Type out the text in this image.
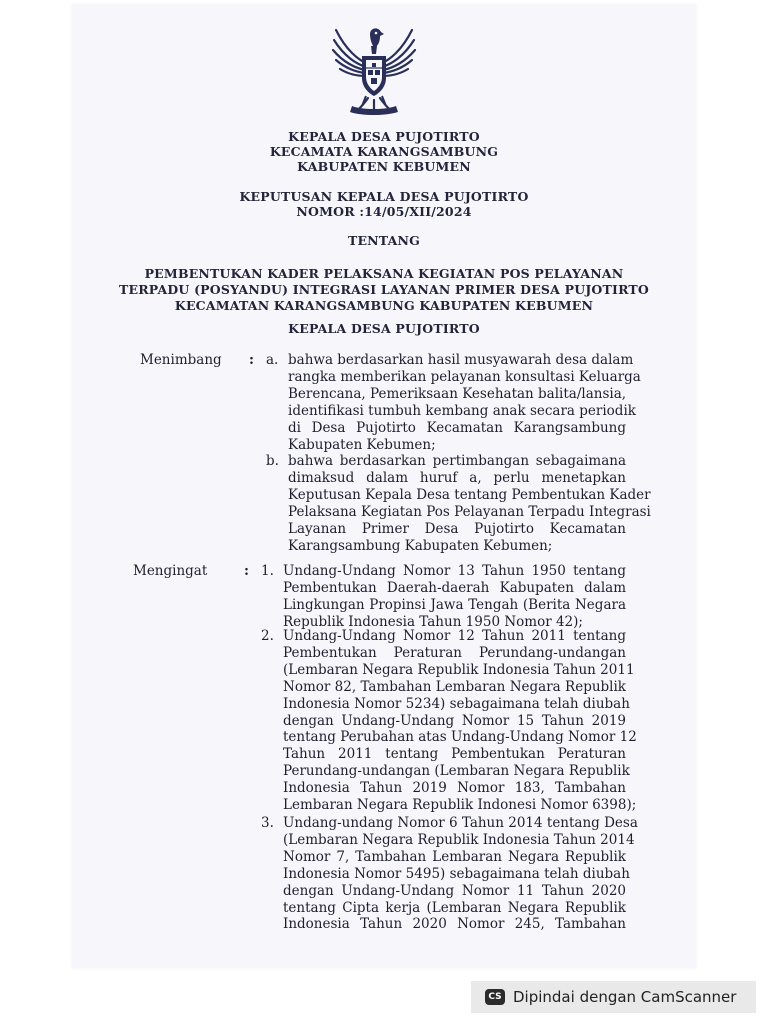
KEPALA DESA PUJOTIRTO
KECAMATA KARANGSAMBUNG
KABUPATEN KEBUMEN
KEPUTUSAN KEPALA DESA PUJOTIRTO
NOMOR :14/05/XII/2024
TENTANG
PEMBENTUKAN KADER PELAKSANA KEGIATAN POS PELAYANAN
TERPADU (POSYANDU) INTEGRASI LAYANAN PRIMER DESA PUJOTIRTO
KECAMATAN KARANGSAMBUNG KABUPATEN KEBUMEN
KEPALA DESA PUJOTIRTO
Menimbang : a. bahwa berdasarkan hasil musyawarah desa dalam
rangka memberikan pelayanan konsultasi Keluarga
Berencana, Pemeriksaan Kesehatan balita/lansia,
identifikasi tumbuh kembang anak secara periodik
di Desa Pujotirto Kecamatan Karangsambung
Kabupaten Kebumen;
b. bahwa berdasarkan pertimbangan sebagaimana
dimaksud dalam huruf a, perlu menetapkan
Keputusan Kepala Desa tentang Pembentukan Kader
Pelaksana Kegiatan Pos Pelayanan Terpadu Integrasi
Layanan Primer Desa Pujotirto Kecamatan
Karangsambung Kabupaten Kebumen;
Mengingat	: 1. Undang-Undang Nomor 13 Tahun 1950 tentang
Pembentukan Daerah-daerah Kabupaten dalam
Lingkungan Propinsi Jawa Tengah (Berita Negara
Republik Indonesia Tahun 1950 Nomor 42);
2. Undang-Undang Nomor 12 Tahun 2011 tentang
Pembentukan Peraturan Perundang-undangan
(Lembaran Negara Republik Indonesia Tahun 2011
Nomor 82, Tambahan Lembaran Negara Republik
Indonesia Nomor 5234) sebagaimana telah diubah
dengan Undang-Undang Nomor 15 Tahun 2019
tentang Perubahan atas Undang-Undang Nomor 12
Tahun 2011 tentang Pembentukan Peraturan
Perundang-undangan (Lembaran Negara Republik
Indonesia Tahun 2019 Nomor 183, Tambahan
Lembaran Negara Republik Indonesi Nomor 6398);
3. Undang-undang Nomor 6 Tahun 2014 tentang Desa
(Lembaran Negara Republik Indonesia Tahun 2014
Nomor 7, Tambahan Lembaran Negara Republik
Indonesia Nomor 5495) sebagaimana telah diubah
dengan Undang-Undang Nomor 11 Tahun 2020
tentang Cipta kerja (Lembaran Negara Republik
Indonesia Tahun 2020 Nomor 245, Tambahan
CS Dipindai dengan CamScanner
